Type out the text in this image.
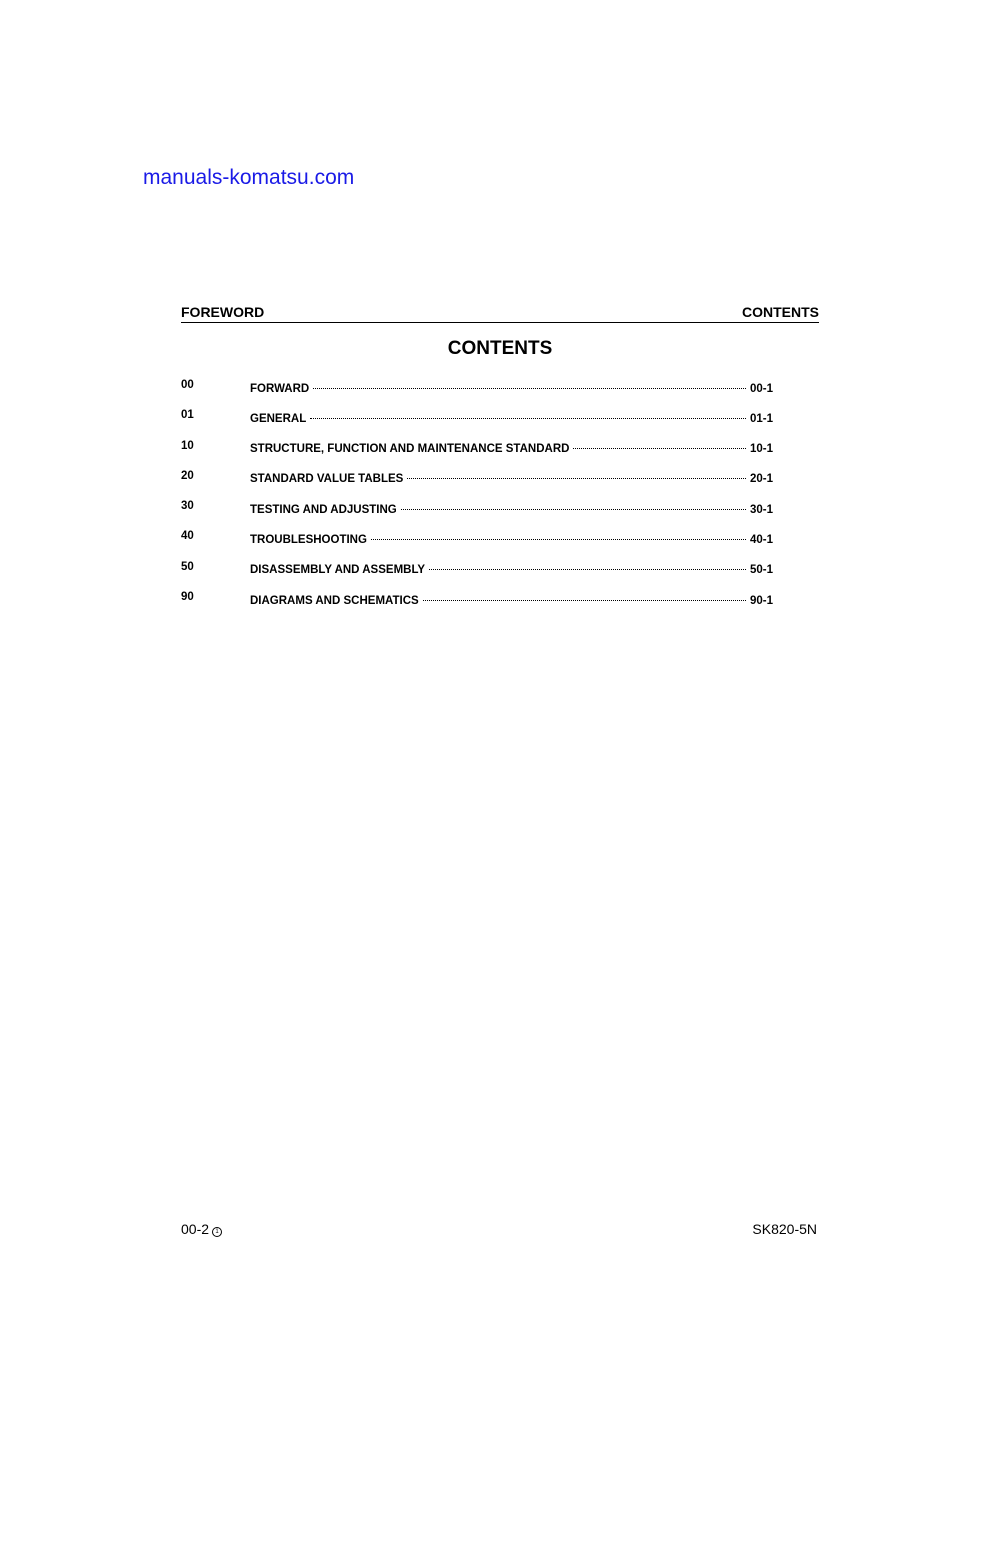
manuals-komatsu.com
FOREWORD	CONTENTS
CONTENTS
00	FORWARD	00-1
01	GENERAL	01-1
10	STRUCTURE, FUNCTION AND MAINTENANCE STANDARD	10-1
20	STANDARD VALUE TABLES	20-1
30	TESTING AND ADJUSTING	30-1
40	TROUBLESHOOTING	40-1
50	DISASSEMBLY AND ASSEMBLY	50-1
90	DIAGRAMS AND SCHEMATICS	90-1
00-2 1	SK820-5N
